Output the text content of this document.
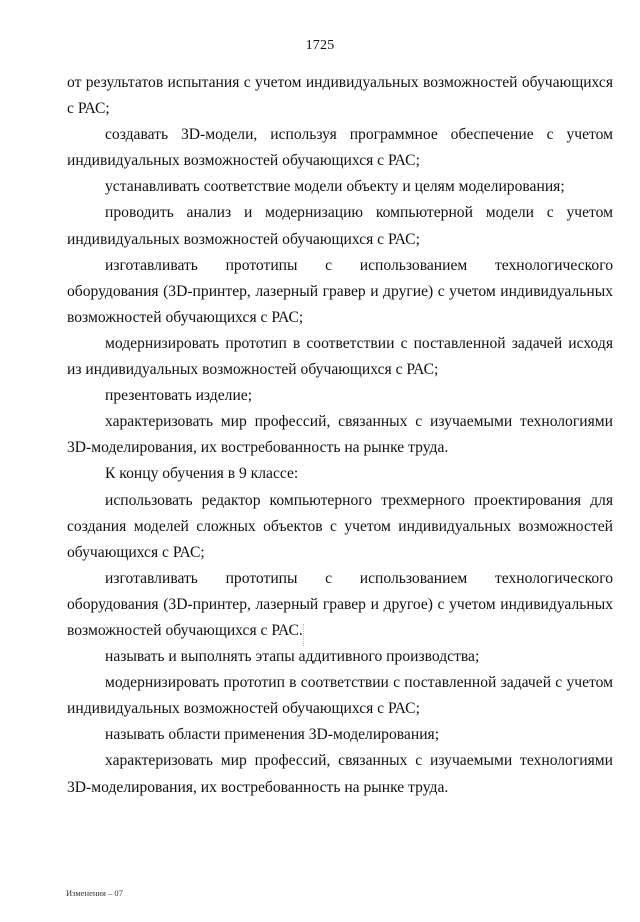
1725

от результатов испытания с учетом индивидуальных возможностей обучающихся с РАС;

создавать 3D-модели, используя программное обеспечение с учетом индивидуальных возможностей обучающихся с РАС;

устанавливать соответствие модели объекту и целям моделирования;

проводить анализ и модернизацию компьютерной модели с учетом индивидуальных возможностей обучающихся с РАС;

изготавливать прототипы с использованием технологического оборудования (3D-принтер, лазерный гравер и другие) с учетом индивидуальных возможностей обучающихся с РАС;

модернизировать прототип в соответствии с поставленной задачей исходя из индивидуальных возможностей обучающихся с РАС;

презентовать изделие;

характеризовать мир профессий, связанных с изучаемыми технологиями 3D-моделирования, их востребованность на рынке труда.

К концу обучения в 9 классе:

использовать редактор компьютерного трехмерного проектирования для создания моделей сложных объектов с учетом индивидуальных возможностей обучающихся с РАС;

изготавливать прототипы с использованием технологического оборудования (3D-принтер, лазерный гравер и другое) с учетом индивидуальных возможностей обучающихся с РАС.

называть и выполнять этапы аддитивного производства;

модернизировать прототип в соответствии с поставленной задачей с учетом индивидуальных возможностей обучающихся с РАС;

называть области применения 3D-моделирования;

характеризовать мир профессий, связанных с изучаемыми технологиями 3D-моделирования, их востребованность на рынке труда.

Изменения – 07
